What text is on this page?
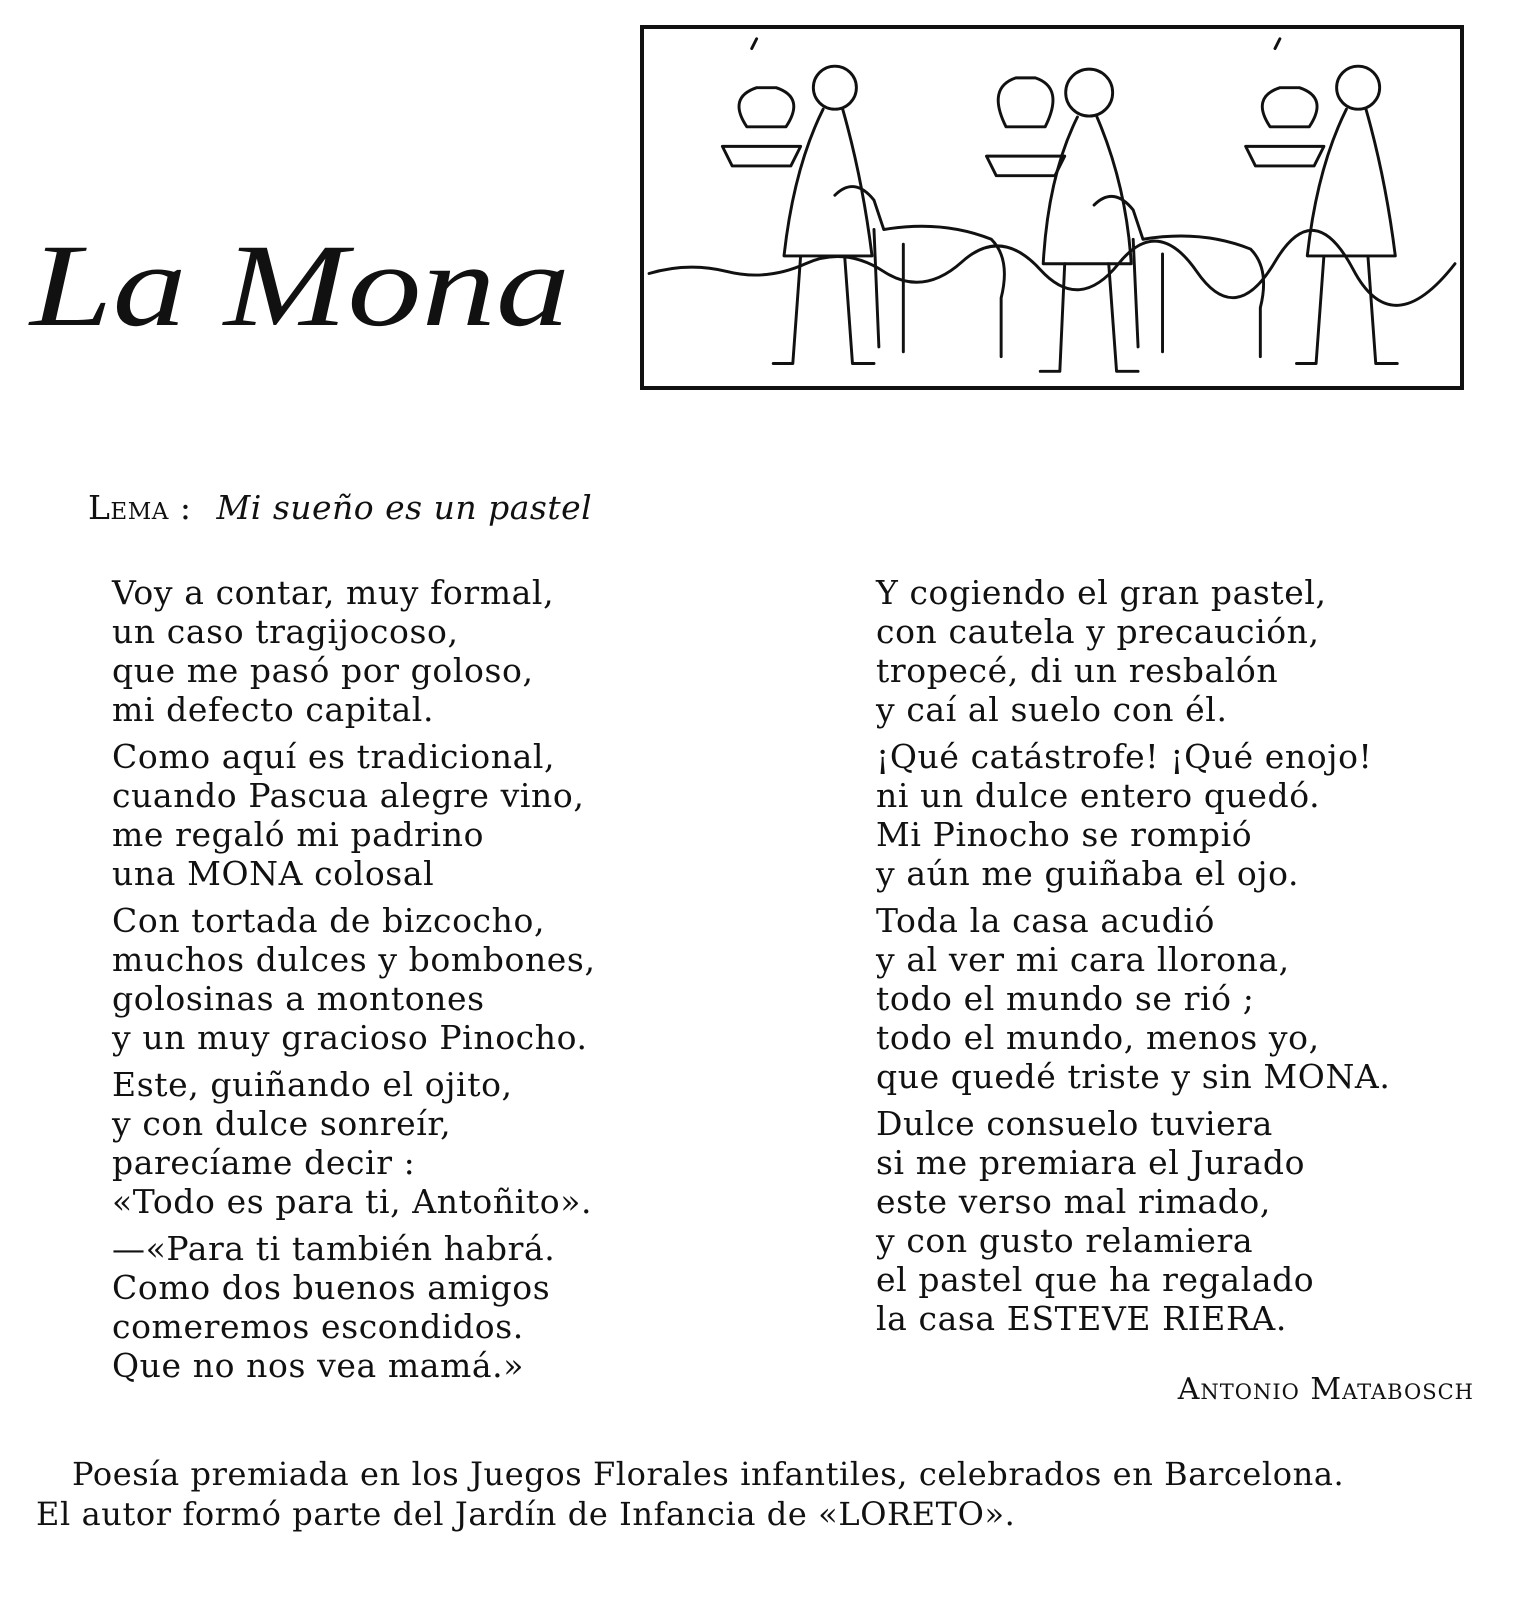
La Mona
Lema : Mi sueño es un pastel
Voy a contar, muy formal,
un caso tragijocoso,
que me pasó por goloso,
mi defecto capital.
Como aquí es tradicional,
cuando Pascua alegre vino,
me regaló mi padrino
una MONA colosal
Con tortada de bizcocho,
muchos dulces y bombones,
golosinas a montones
y un muy gracioso Pinocho.
Este, guiñando el ojito,
y con dulce sonreír,
parecíame decir :
«Todo es para ti, Antoñito».
—«Para ti también habrá.
Como dos buenos amigos
comeremos escondidos.
Que no nos vea mamá.»
Y cogiendo el gran pastel,
con cautela y precaución,
tropecé, di un resbalón
y caí al suelo con él.
¡Qué catástrofe! ¡Qué enojo!
ni un dulce entero quedó.
Mi Pinocho se rompió
y aún me guiñaba el ojo.
Toda la casa acudió
y al ver mi cara llorona,
todo el mundo se rió ;
todo el mundo, menos yo,
que quedé triste y sin MONA.
Dulce consuelo tuviera
si me premiara el Jurado
este verso mal rimado,
y con gusto relamiera
el pastel que ha regalado
la casa ESTEVE RIERA.
Antonio Matabosch
Poesía premiada en los Juegos Florales infantiles, celebrados en Barcelona.
El autor formó parte del Jardín de Infancia de «LORETO».
